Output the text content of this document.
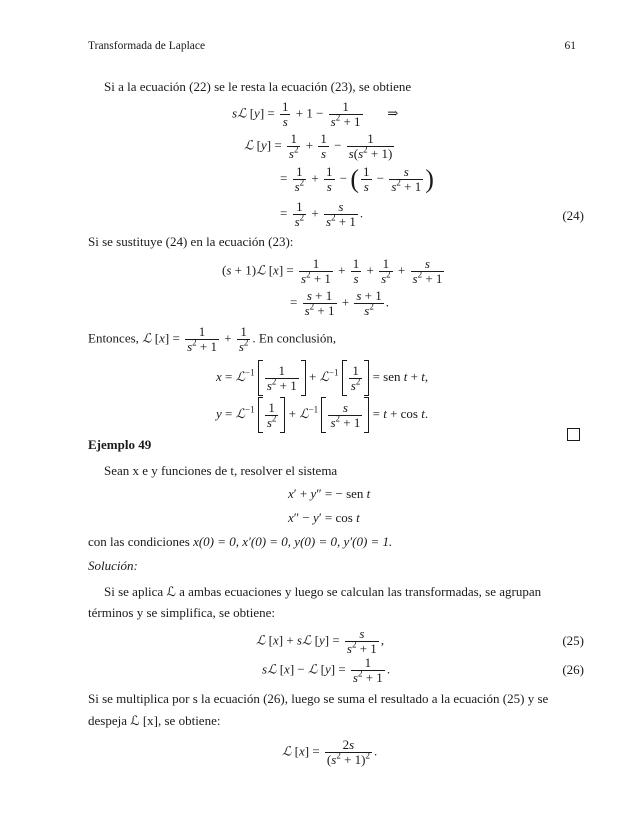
Transformada de Laplace	61
Si a la ecuación (22) se le resta la ecuación (23), se obtiene
sℒ $[y] = \frac{1}{s} + 1 - \frac{1}{s^2 + 1}$ ⇒
ℒ $[y] = \frac{1}{s^2} + \frac{1}{s} - \frac{1}{s(s^2 + 1)}$
= $\frac{1}{s^2} + \frac{1}{s}$ − ( $\frac{1}{s} - \frac{s}{s^2 + 1}$ )
= $\frac{1}{s^2} + \frac{s}{s^2 + 1}$ .	(24)
Si se sustituye (24) en la ecuación (23):
(s + 1)ℒ $[x] = \frac{1}{s^2 + 1} + \frac{1}{s} + \frac{1}{s^2} + \frac{s}{s^2 + 1}$
= $\frac{s + 1}{s^2 + 1} + \frac{s + 1}{s^2}$ .
Entonces, ℒ $[x] = \frac{1}{s^2 + 1} + \frac{1}{s^2}$ . En conclusión,
x = ℒ$^{-1}$ $\frac{1}{s^2 + 1}$ + ℒ$^{-1}$ $\frac{1}{s^2}$ = sen t + t,
y = ℒ$^{-1}$ $\frac{1}{s^2}$ + ℒ$^{-1}$ $\frac{s}{s^2 + 1} = t + \cos t$.
Ejemplo 49
Sean x e y funciones de t, resolver el sistema
x′ + y″ = − sen t
x″ − y′ = cos t
con las condiciones x(0) = 0, x′(0) = 0, y(0) = 0, y′(0) = 1.
Solución:
Si se aplica ℒ a ambas ecuaciones y luego se calculan las transformadas, se agrupan
términos y se simplifica, se obtiene:
ℒ [x] + sℒ $[y] = \frac{s}{s^2 + 1}$ ,	(25)
sℒ [x] − ℒ $[y] = \frac{1}{s^2 + 1}$ .	(26)
Si se multiplica por s la ecuación (26), luego se suma el resultado a la ecuación (25) y se
despeja ℒ [x], se obtiene:
ℒ $[x] = \frac{2s}{(s^2 + 1)^2}$ .
